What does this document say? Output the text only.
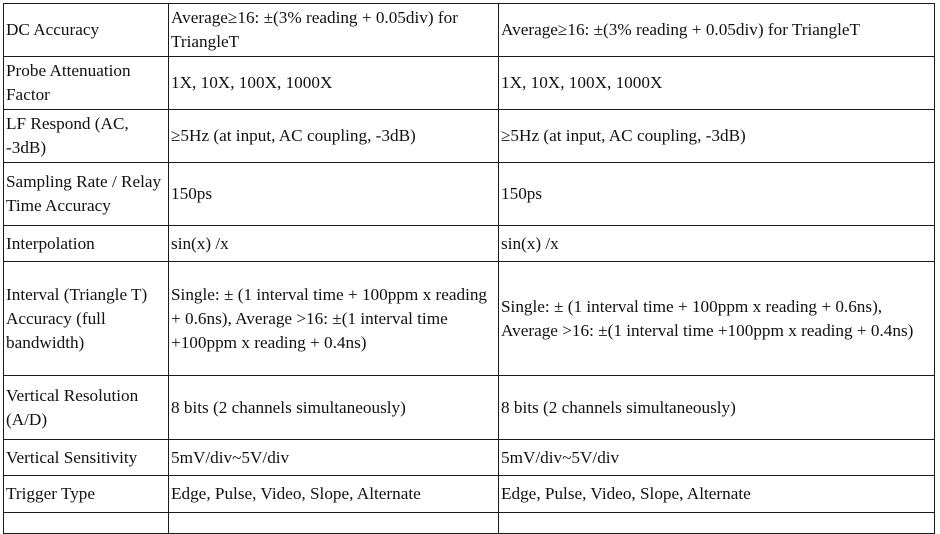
DC Accuracy	Average≥16: ±(3% reading + 0.05div) for TriangleT	Average≥16: ±(3% reading + 0.05div) for TriangleT
Probe Attenuation Factor	1X, 10X, 100X, 1000X	1X, 10X, 100X, 1000X
LF Respond (AC, -3dB)	≥5Hz (at input, AC coupling, -3dB)	≥5Hz (at input, AC coupling, -3dB)
Sampling Rate / Relay Time Accuracy	150ps	150ps
Interpolation	sin(x) /x	sin(x) /x
Interval (Triangle T) Accuracy (full bandwidth)	Single: ± (1 interval time + 100ppm x reading + 0.6ns), Average >16: ±(1 interval time +100ppm x reading + 0.4ns)	Single: ± (1 interval time + 100ppm x reading + 0.6ns), Average >16: ±(1 interval time +100ppm x reading + 0.4ns)
Vertical Resolution (A/D)	8 bits (2 channels simultaneously)	8 bits (2 channels simultaneously)
Vertical Sensitivity	5mV/div~5V/div	5mV/div~5V/div
Trigger Type	Edge, Pulse, Video, Slope, Alternate	Edge, Pulse, Video, Slope, Alternate
